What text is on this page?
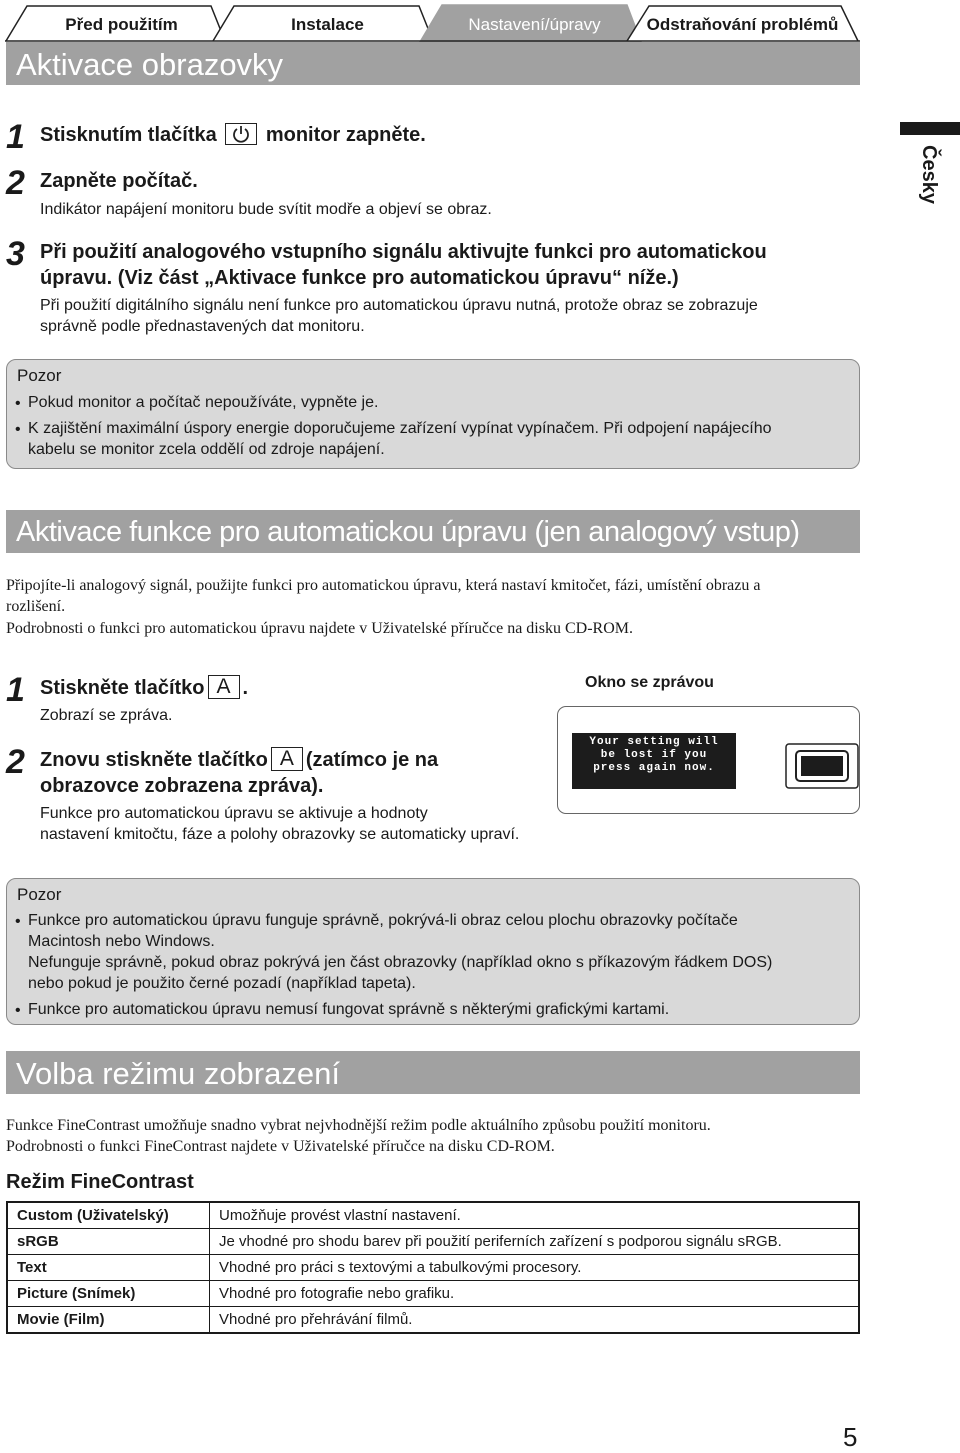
Před použitím	Instalace	Nastavení/úpravy	Odstraňování problémů
Aktivace obrazovky
Česky
1 Stisknutím tlačítka monitor zapněte.
2 Zapněte počítač.
Indikátor napájení monitoru bude svítit modře a objeví se obraz.
3 Při použití analogového vstupního signálu aktivujte funkci pro automatickou
úpravu. (Viz část „Aktivace funkce pro automatickou úpravu“ níže.)
Při použití digitálního signálu není funkce pro automatickou úpravu nutná, protože obraz se zobrazuje
správně podle přednastavených dat monitoru.
Pozor
• Pokud monitor a počítač nepoužíváte, vypněte je.
• K zajištění maximální úspory energie doporučujeme zařízení vypínat vypínačem. Při odpojení napájecího
kabelu se monitor zcela oddělí od zdroje napájení.
Aktivace funkce pro automatickou úpravu (jen analogový vstup)
Připojíte-li analogový signál, použijte funkci pro automatickou úpravu, která nastaví kmitočet, fázi, umístění obrazu a
rozlišení.
Podrobnosti o funkci pro automatickou úpravu najdete v Uživatelské příručce na disku CD-ROM.
1 Stiskněte tlačítko A .
Zobrazí se zpráva.
2 Znovu stiskněte tlačítko A (zatímco je na
obrazovce zobrazena zpráva).
Funkce pro automatickou úpravu se aktivuje a hodnoty
nastavení kmitočtu, fáze a polohy obrazovky se automaticky upraví.
Okno se zprávou
Your setting will
be lost if you
press again now.
Pozor
• Funkce pro automatickou úpravu funguje správně, pokrývá-li obraz celou plochu obrazovky počítače
Macintosh nebo Windows.
Nefunguje správně, pokud obraz pokrývá jen část obrazovky (například okno s příkazovým řádkem DOS)
nebo pokud je použito černé pozadí (například tapeta).
• Funkce pro automatickou úpravu nemusí fungovat správně s některými grafickými kartami.
Volba režimu zobrazení
Funkce FineContrast umožňuje snadno vybrat nejvhodnější režim podle aktuálního způsobu použití monitoru.
Podrobnosti o funkci FineContrast najdete v Uživatelské příručce na disku CD-ROM.
Režim FineContrast
Custom (Uživatelský)	Umožňuje provést vlastní nastavení.
sRGB	Je vhodné pro shodu barev při použití periferních zařízení s podporou signálu sRGB.
Text	Vhodné pro práci s textovými a tabulkovými procesory.
Picture (Snímek)	Vhodné pro fotografie nebo grafiku.
Movie (Film)	Vhodné pro přehrávání filmů.
5
